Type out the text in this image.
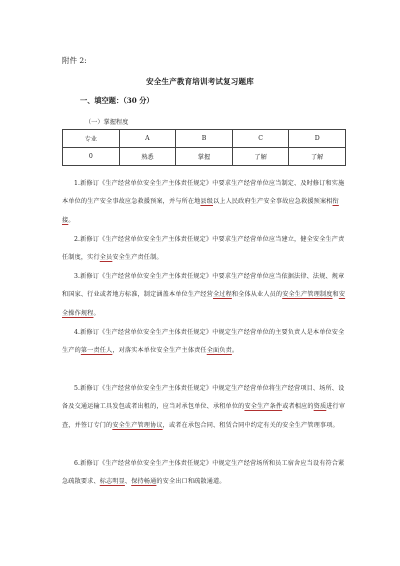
附件 2:
安全生产教育培训考试复习题库
一、填空题：（30 分）
（一）掌握程度
专业	A	B	C	D
0	熟悉	掌握	了解	了解

1.新修订《生产经营单位安全生产主体责任规定》中要求生产经营单位应当制定、及时修订和实施本单位的生产安全事故应急救援预案，并与所在地县级以上人民政府生产安全事故应急救援预案相衔接。

2.新修订《生产经营单位安全生产主体责任规定》中要求生产经营单位应当建立，健全安全生产责任制度，实行全员安全生产责任制。

3.新修订《生产经营单位安全生产主体责任规定》中要求生产经营单位应当依据法律、法规、规章和国家、行业或者地方标准，制定涵盖本单位生产经营全过程和全体从业人员的安全生产管理制度和安全操作规程。

4.新修订《生产经营单位安全生产主体责任规定》中规定生产经营单位的主要负责人是本单位安全生产的第一责任人，对落实本单位安全生产主体责任全面负责。

5.新修订《生产经营单位安全生产主体责任规定》中规定生产经营单位将生产经营项目、场所、设备及交通运输工具发包或者出租的，应当对承包单位、承租单位的安全生产条件或者相应的资质进行审查，并签订专门的安全生产管理协议，或者在承包合同、租赁合同中约定有关的安全生产管理事项。

6.新修订《生产经营单位安全生产主体责任规定》中规定生产经营场所和员工宿舍应当设有符合紧急疏散要求、标志明显、保持畅通的安全出口和疏散通道。
